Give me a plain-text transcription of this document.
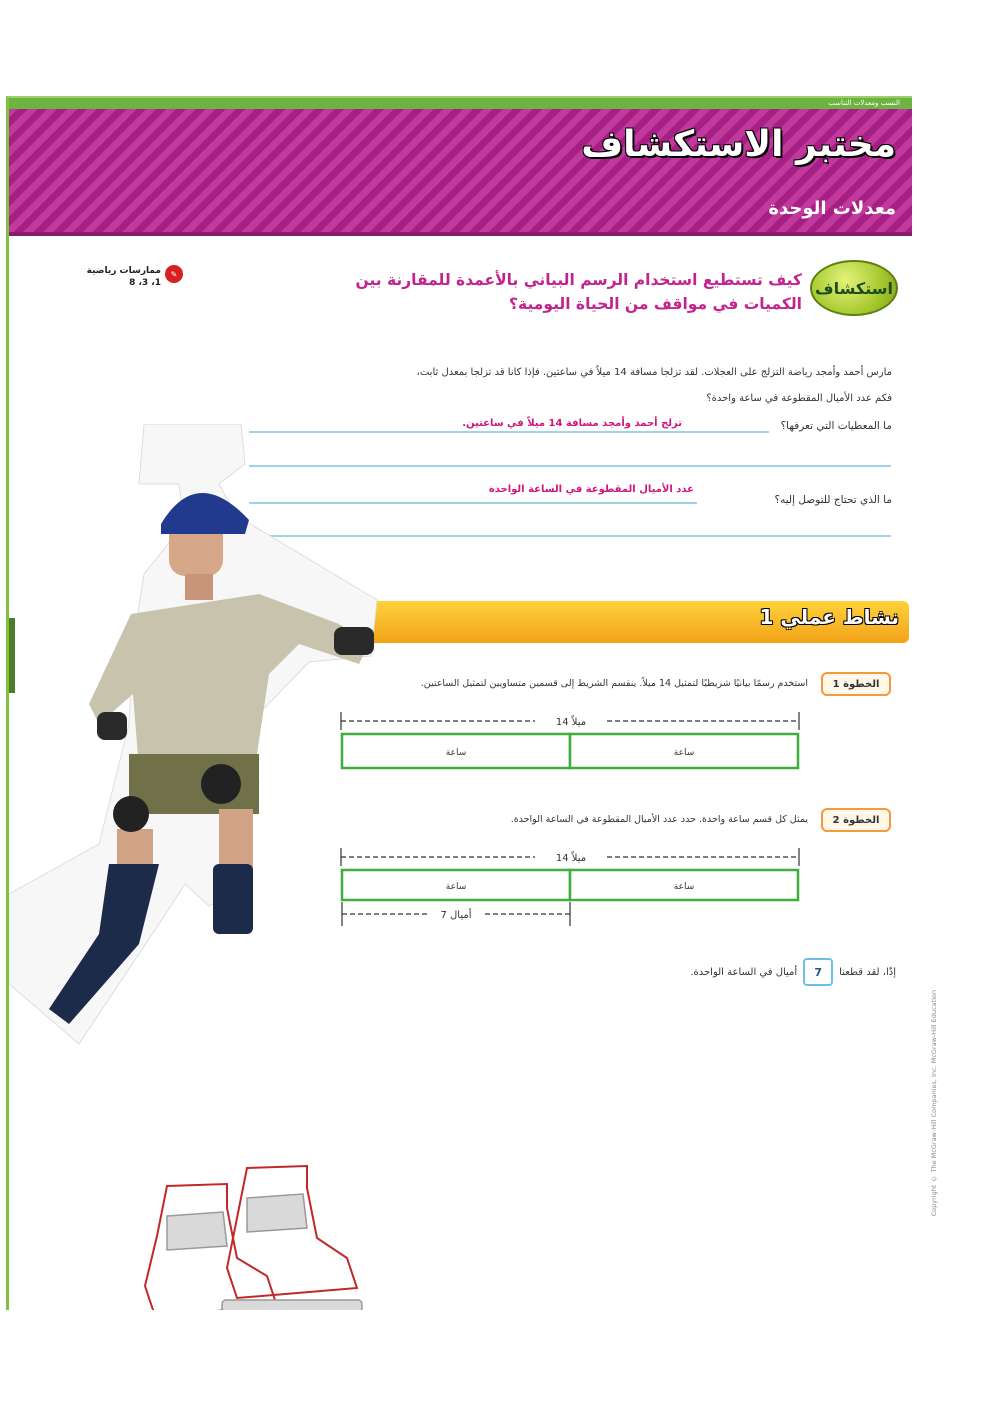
النسب ومعدلات التناسب
مختبر الاستكشاف
معدلات الوحدة
استكشاف
كيف تستطيع استخدام الرسم البياني بالأعمدة للمقارنة بين الكميات في مواقف من الحياة اليومية؟
✎
ممارسات رياضية
1، 3، 8
مارس أحمد وأمجد رياضة التزلج على العجلات. لقد تزلجا مسافة 14 ميلاً في ساعتين. فإذا كانا قد تزلجا بمعدل ثابت،
فكم عدد الأميال المقطوعة في ساعة واحدة؟
ما المعطيات التي تعرفها؟
تزلج أحمد وأمجد مسافة 14 ميلاً في ساعتين.
ما الذي تحتاج للتوصل إليه؟
عدد الأميال المقطوعة في الساعة الواحدة
نشاط عملي 1
الخطوة 1
استخدم رسمًا بيانيًا شريطيًا لتمثيل 14 ميلاً. ينقسم الشريط إلى قسمين متساويين لتمثيل الساعتين.
14 ميلاً
ساعة	ساعة
الخطوة 2
يمثل كل قسم ساعة واحدة. حدد عدد الأميال المقطوعة في الساعة الواحدة.
14 ميلاً
ساعة	ساعة
7 أميال
إذًا، لقد قطعنا
7
أميال في الساعة الواحدة.
Copyright © The McGraw-Hill Companies, Inc. McGraw-Hill Education
